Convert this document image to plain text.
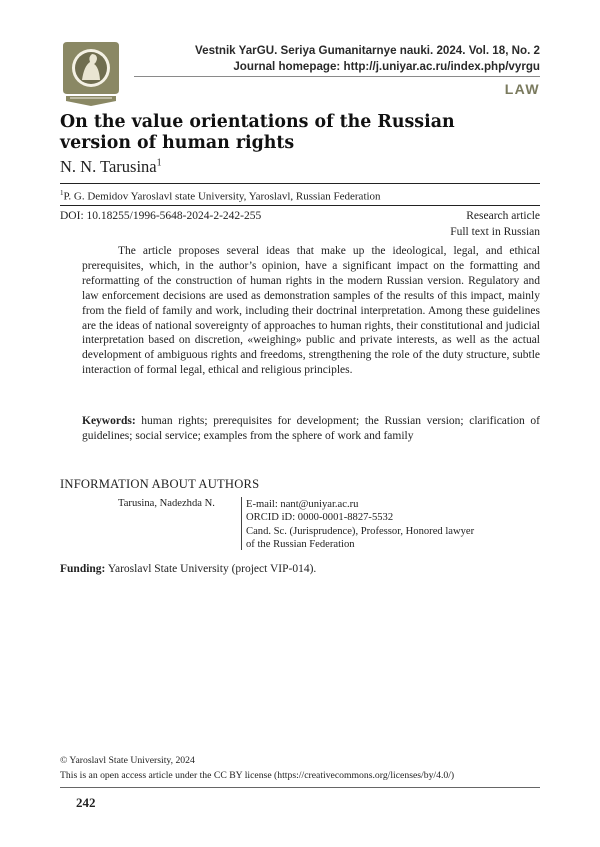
Vestnik YarGU. Seriya Gumanitarnye nauki. 2024. Vol. 18, No. 2
Journal homepage: http://j.uniyar.ac.ru/index.php/vyrgu
LAW
On the value orientations of the Russian version of human rights
N. N. Tarusina$^1$
$^1$P. G. Demidov Yaroslavl state University, Yaroslavl, Russian Federation
DOI: 10.18255/1996-5648-2024-2-242-255	Research article
Full text in Russian

The article proposes several ideas that make up the ideological, legal, and ethical prerequisites, which, in the author’s opinion, have a significant impact on the formatting and reformatting of the construction of human rights in the modern Russian version. Regulatory and law enforcement decisions are used as demonstration samples of the results of this impact, mainly from the field of family and work, including their doctrinal interpretation. Among these guidelines are the ideas of national sovereignty of approaches to human rights, their constitutional and judicial interpretation based on discretion, «weighing» public and private interests, as well as the actual development of ambiguous rights and freedoms, strengthening the role of the duty structure, subtle interaction of formal legal, ethical and religious principles.

Keywords: human rights; prerequisites for development; the Russian version; clarification of guidelines; social service; examples from the sphere of work and family

INFORMATION ABOUT AUTHORS
Tarusina, Nadezhda N.	E-mail: nant@uniyar.ac.ru
ORCID iD: 0000-0001-8827-5532
Cand. Sc. (Jurisprudence), Professor, Honored lawyer
of the Russian Federation
Funding: Yaroslavl State University (project VIP-014).
© Yaroslavl State University, 2024
This is an open access article under the CC BY license (https://creativecommons.org/licenses/by/4.0/)
242
